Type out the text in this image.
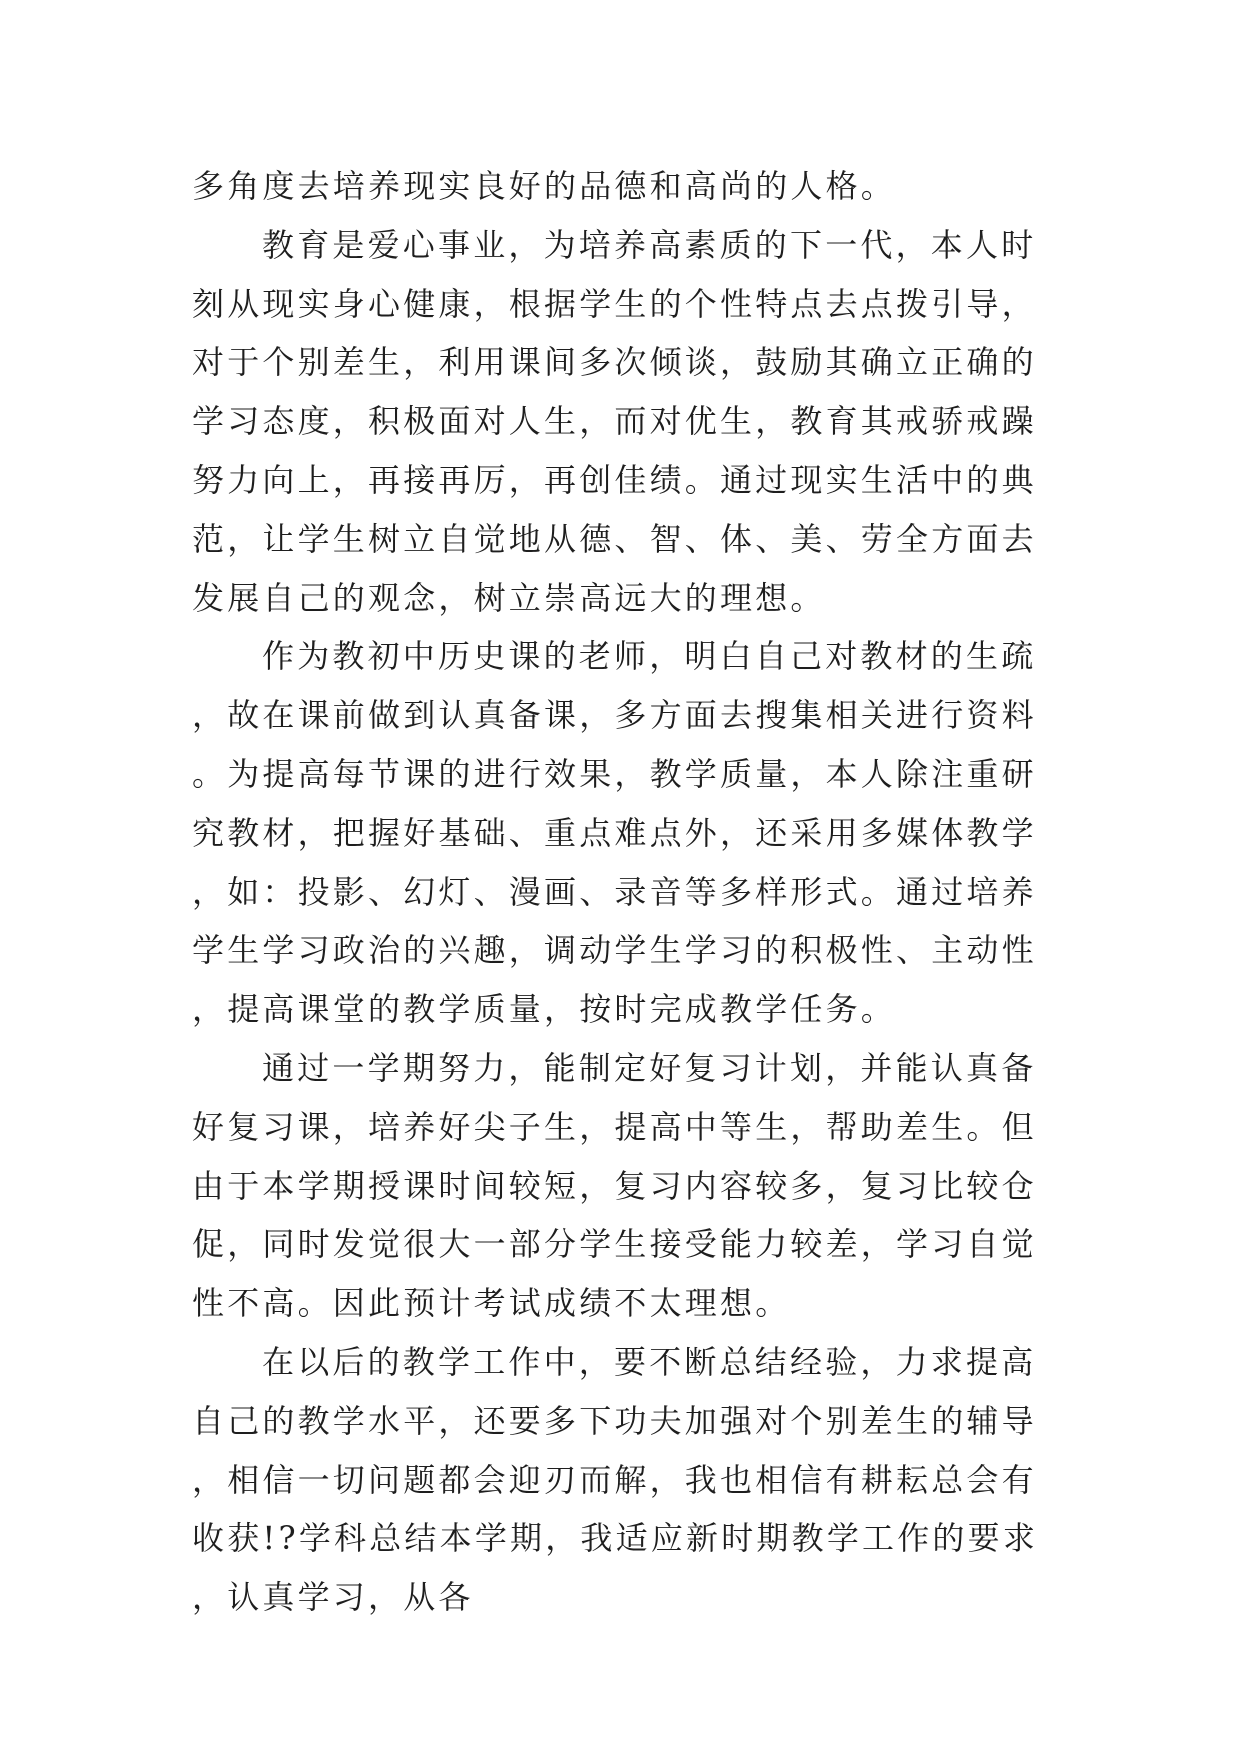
多角度去培养现实良好的品德和高尚的人格。

教育是爱心事业，为培养高素质的下一代，本人时刻从现实身心健康，根据学生的个性特点去点拨引导，对于个别差生，利用课间多次倾谈，鼓励其确立正确的学习态度，积极面对人生，而对优生，教育其戒骄戒躁努力向上，再接再厉，再创佳绩。通过现实生活中的典范，让学生树立自觉地从德、智、体、美、劳全方面去发展自己的观念，树立崇高远大的理想。

作为教初中历史课的老师，明白自己对教材的生疏，故在课前做到认真备课，多方面去搜集相关进行资料。为提高每节课的进行效果，教学质量，本人除注重研究教材，把握好基础、重点难点外，还采用多媒体教学，如：投影、幻灯、漫画、录音等多样形式。通过培养学生学习政治的兴趣，调动学生学习的积极性、主动性，提高课堂的教学质量，按时完成教学任务。

通过一学期努力，能制定好复习计划，并能认真备好复习课，培养好尖子生，提高中等生，帮助差生。但由于本学期授课时间较短，复习内容较多，复习比较仓促，同时发觉很大一部分学生接受能力较差，学习自觉性不高。因此预计考试成绩不太理想。

在以后的教学工作中，要不断总结经验，力求提高自己的教学水平，还要多下功夫加强对个别差生的辅导，相信一切问题都会迎刃而解，我也相信有耕耘总会有收获!?学科总结本学期，我适应新时期教学工作的要求，认真学习，从各
